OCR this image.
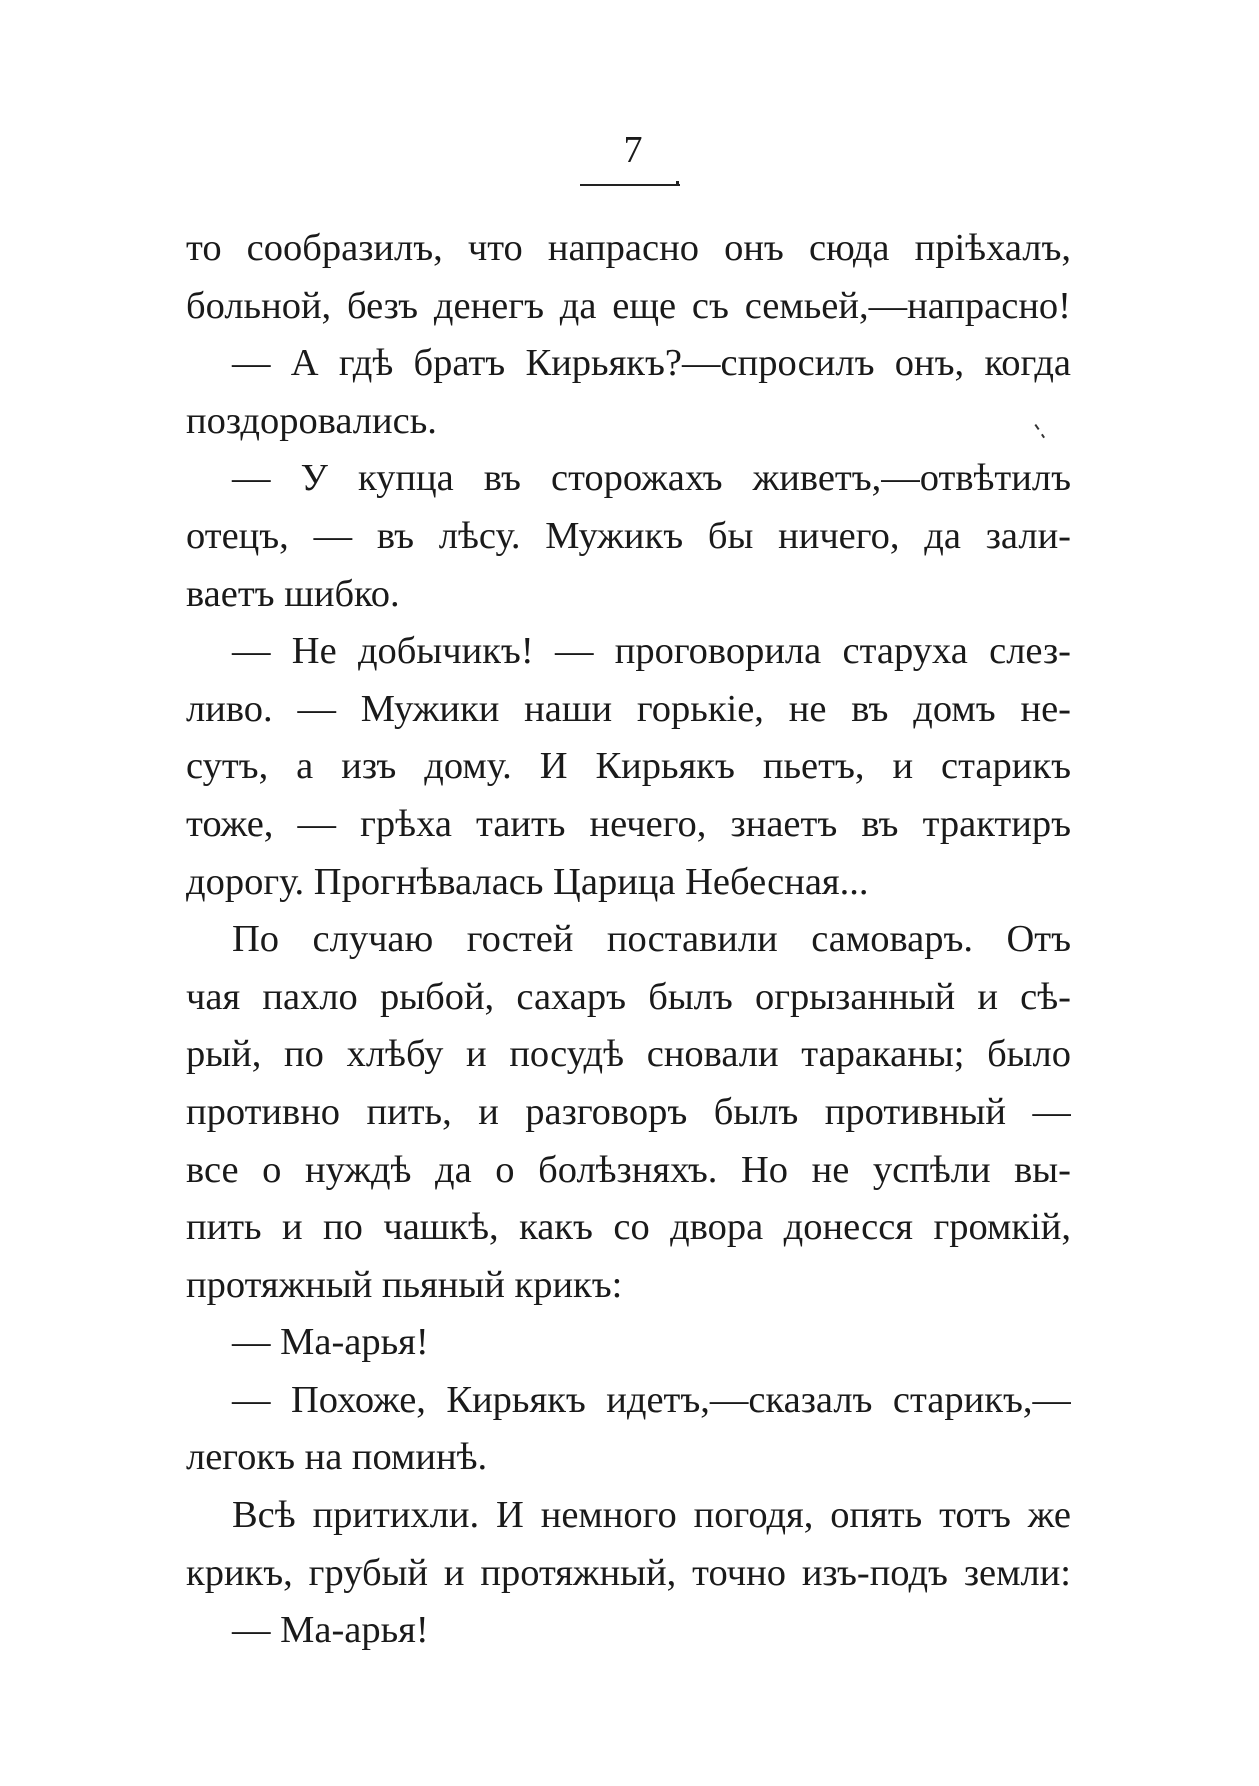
7
то сообразилъ, что напрасно онъ сюда пріѣхалъ,
больной, безъ денегъ да еще съ семьей,—напрасно!
— А гдѣ братъ Кирьякъ?—спросилъ онъ, когда
поздоровались.
— У купца въ сторожахъ живетъ,—отвѣтилъ
отецъ, — въ лѣсу. Мужикъ бы ничего, да зали-
ваетъ шибко.
— Не добычикъ! — проговорила старуха слез-
ливо. — Мужики наши горькіе, не въ домъ не-
сутъ, а изъ дому. И Кирьякъ пьетъ, и старикъ
тоже, — грѣха таить нечего, знаетъ въ трактиръ
дорогу. Прогнѣвалась Царица Небесная...
По случаю гостей поставили самоваръ. Отъ
чая пахло рыбой, сахаръ былъ огрызанный и сѣ-
рый, по хлѣбу и посудѣ сновали тараканы; было
противно пить, и разговоръ былъ противный —
все о нуждѣ да о болѣзняхъ. Но не успѣли вы-
пить и по чашкѣ, какъ со двора донесся громкій,
протяжный пьяный крикъ:
— Ма-арья!
— Похоже, Кирьякъ идетъ,—сказалъ старикъ,—
легокъ на поминѣ.
Всѣ притихли. И немного погодя, опять тотъ же
крикъ, грубый и протяжный, точно изъ-подъ земли:
— Ма-арья!
